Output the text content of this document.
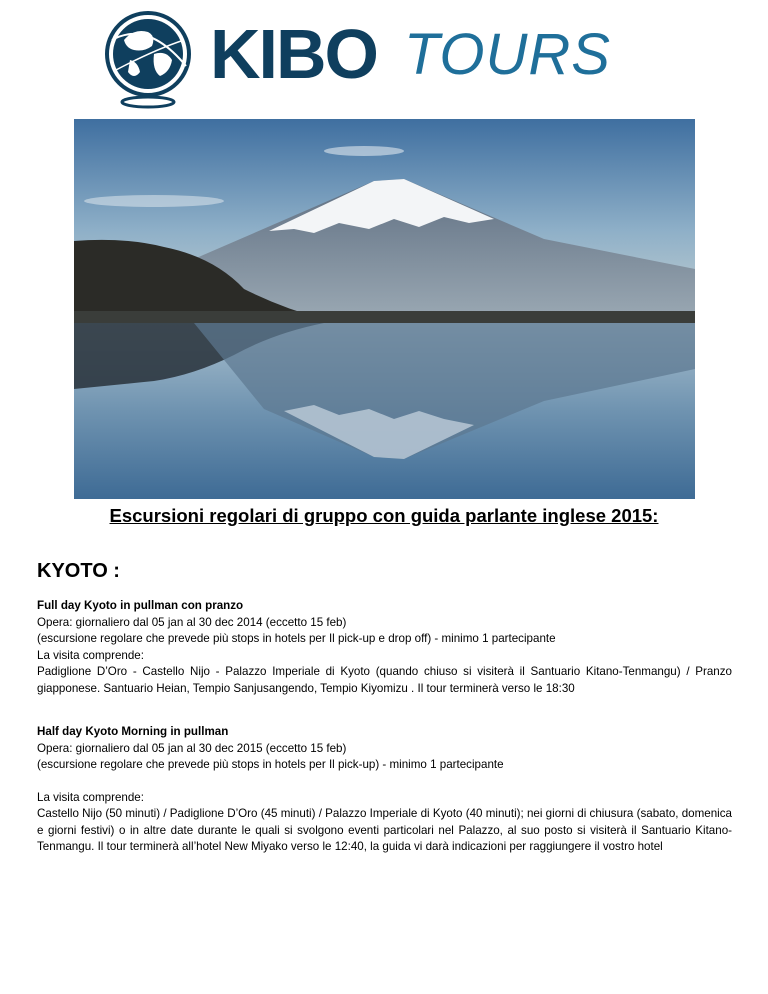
KIBO TOURS
Escursioni regolari di gruppo con guida parlante inglese 2015:
KYOTO :

Full day Kyoto in pullman con pranzo

Opera: giornaliero dal 05 jan al 30 dec 2014 (eccetto 15 feb)

(escursione regolare che prevede più stops in hotels per Il pick-up e drop off) - minimo 1 partecipante

La visita comprende:

Padiglione D’Oro - Castello Nijo - Palazzo Imperiale di Kyoto (quando chiuso si visiterà il Santuario Kitano-Tenmangu) / Pranzo giapponese. Santuario Heian, Tempio Sanjusangendo, Tempio Kiyomizu . Il tour terminerà verso le 18:30

Half day Kyoto Morning in pullman

Opera: giornaliero dal 05 jan al 30 dec 2015 (eccetto 15 feb)

(escursione regolare che prevede più stops in hotels per Il pick-up) - minimo 1 partecipante

La visita comprende:

Castello Nijo (50 minuti) / Padiglione D’Oro (45 minuti) / Palazzo Imperiale di Kyoto (40 minuti); nei giorni di chiusura (sabato, domenica e giorni festivi) o in altre date durante le quali si svolgono eventi particolari nel Palazzo, al suo posto si visiterà il Santuario Kitano-Tenmangu. Il tour terminerà all’hotel New Miyako verso le 12:40, la guida vi darà indicazioni per raggiungere il vostro hotel
